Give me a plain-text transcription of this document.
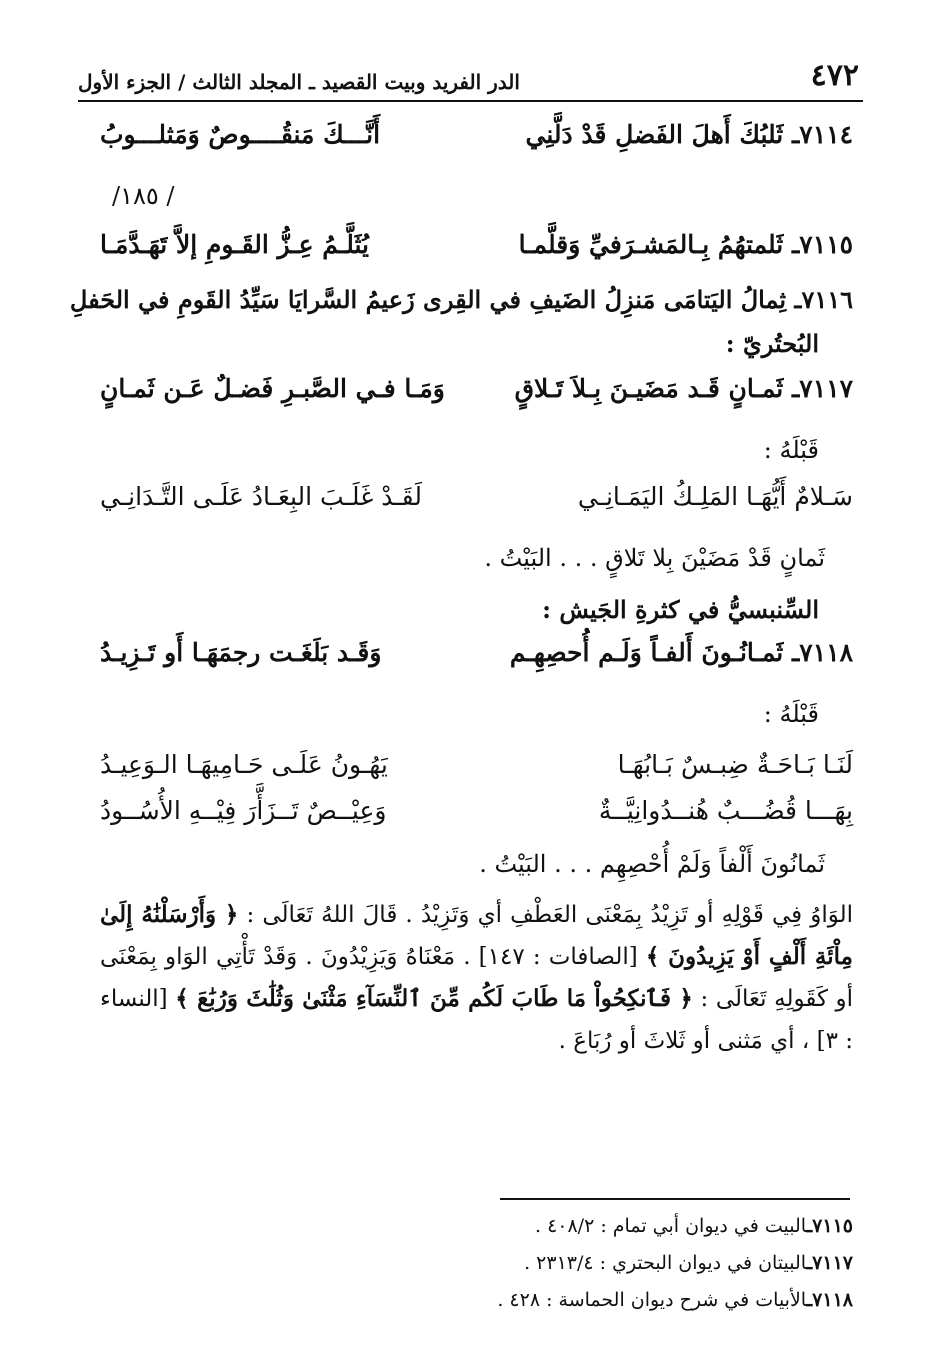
٤٧٢
الدر الفريد وبيت القصيد ـ المجلد الثالث / الجزء الأول
٧١١٤ـ ثَلبُكَ أَهلَ الفَضلِ قَدْ دَلَّنِي
أَنَّـــكَ مَنقُــــوصٌ وَمَثلـــوبُ
/ ١٨٥/
٧١١٥ـ ثَلمتهُمُ بِـالمَشـرَفيِّ وَقلَّمـا
يُثَلَّـمُ عِـزُّ القَـومِ إلاَّ تَهَـدَّمَـا
٧١١٦ـ ثِمالُ اليَتامَى مَنزِلُ الضَيفِ في القِرى زَعيمُ السَّرايَا سَيِّدُ القَومِ في الحَفلِ
البُحتُريّ :
٧١١٧ـ ثَمـانٍ قَـد مَضَيـنَ بِـلاَ تَـلاقٍ
وَمَـا فـي الصَّبـرِ فَضـلٌ عَـن ثَمـانٍ
قَبْلَهُ :
سَـلامٌ أَيُّهَـا المَلِـكُ اليَمَـانِـي
لَقَـدْ غَلَـبَ البِعَـادُ عَلَـى التَّـدَانِـي
ثَمانٍ قَدْ مَضَيْنَ بِلا تَلاقٍ . . . البَيْتُ .
السِّنبسيُّ في كثرةِ الجَيش :
٧١١٨ـ ثَمـانُـونَ أَلفـاً وَلَـم أُحصِهِـم
وَقَـد بَلَغَـت رجمَهَـا أَو تَـزِيـدُ
قَبْلَهُ :
لَنَـا بَـاحَـةٌ ضِبـسٌ بَـابُهَـا
يَهُـونُ عَلَـى حَـامِيهَـا الـوَعِيـدُ
بِهَـــا قُضُـــبٌ هُنــدُوانِيَّــةٌ
وَعِيْــصٌ تَــزَأَّرَ فِيْــهِ الأُسُــودُ
ثَمانُونَ أَلْفاً وَلَمْ أُحْصِهِم . . . البَيْتُ .
الوَاوُ فِي قَوْلِهِ أو تَزِيْدُ بِمَعْنَى العَطْفِ أي وَتَزِيْدُ . قَالَ اللهُ تَعَالَى : ﴿ وَأَرْسَلْنَٰهُ إِلَىٰ مِاْئَةِ أَلْفٍ أَوْ يَزِيدُونَ ﴾ [الصافات : ١٤٧] . مَعْنَاهُ وَيَزِيْدُونَ . وَقَدْ تَأْتِي الوَاو بِمَعْنَى أو كَقَولِهِ تَعَالَى : ﴿ فَٱنكِحُواْ مَا طَابَ لَكُم مِّنَ ٱلنِّسَآءِ مَثْنَىٰ وَثُلَٰثَ وَرُبَٰعَ ﴾ [النساء : ٣] ، أي مَثنى أو ثَلاثَ أو رُبَاعَ .
٧١١٥ـالبيت في ديوان أبي تمام : ٤٠٨/٢ .
٧١١٧ـالبيتان في ديوان البحتري : ٢٣١٣/٤ .
٧١١٨ـالأبيات في شرح ديوان الحماسة : ٤٢٨ .
